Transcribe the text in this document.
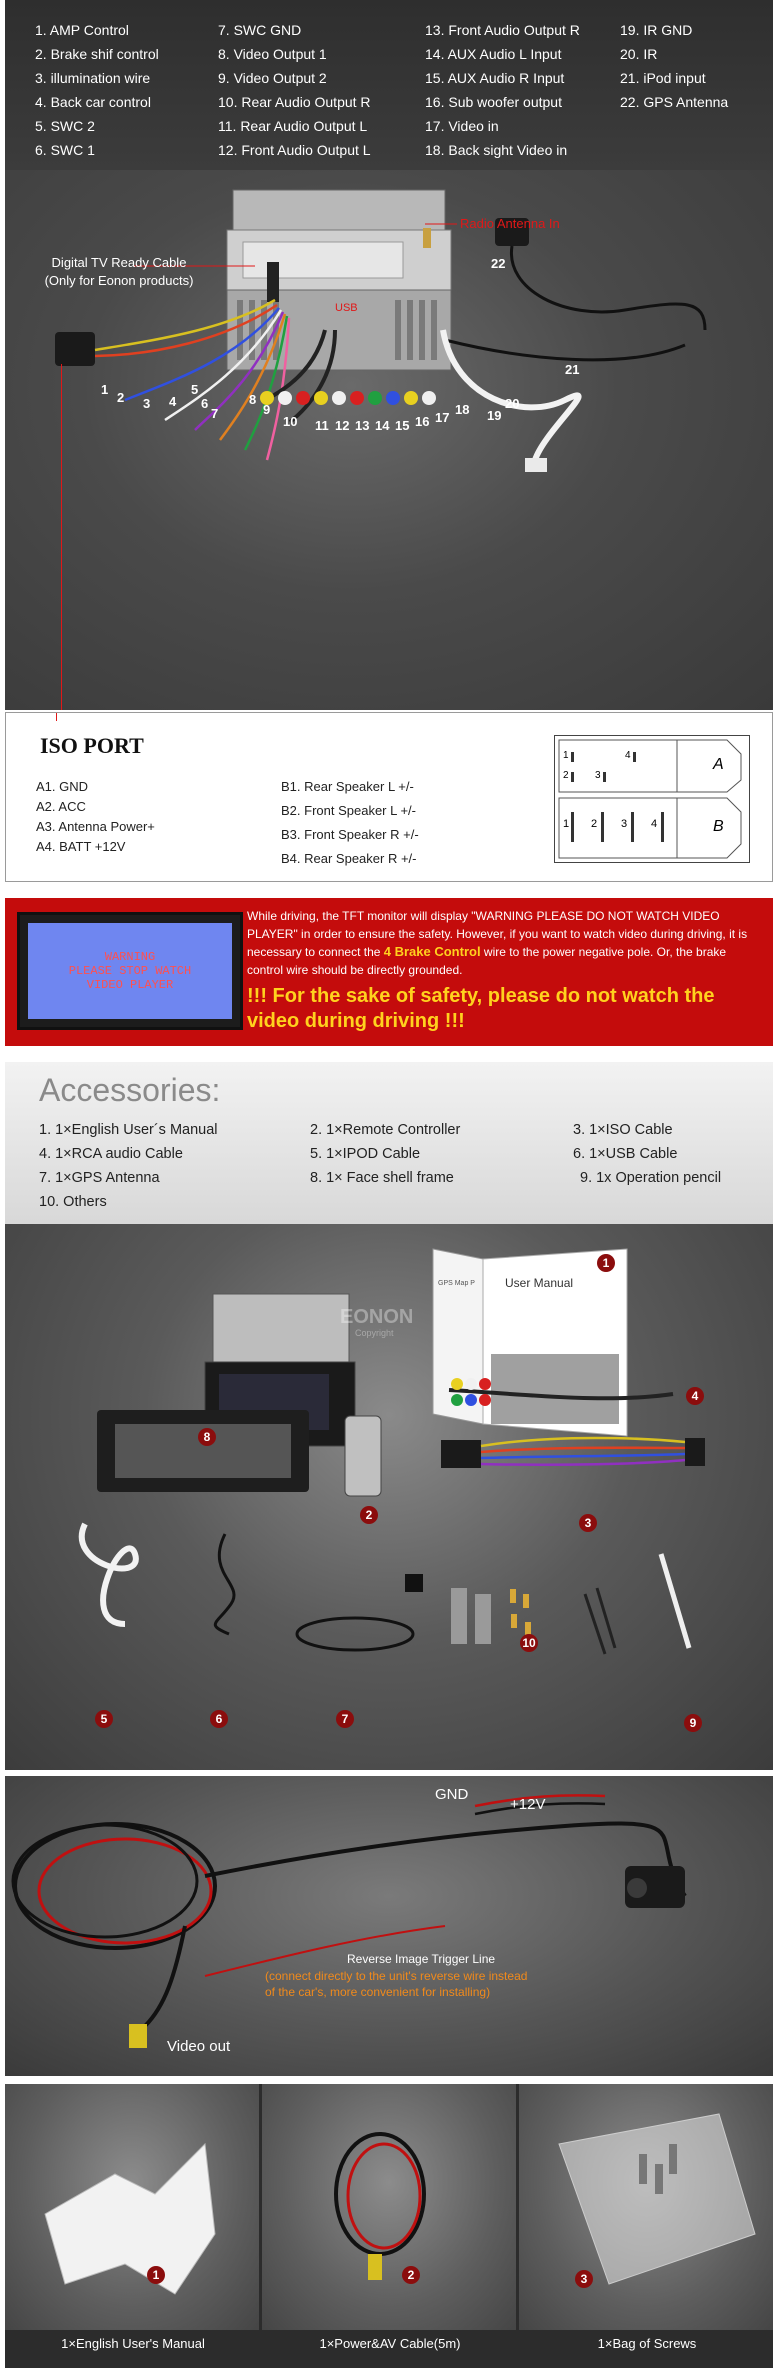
1. AMP Control
2. Brake shif control
3. illumination wire
4. Back car control
5. SWC 2
6. SWC 1
7. SWC GND
8. Video Output 1
9. Video Output 2
10. Rear Audio Output R
11. Rear Audio Output L
12. Front Audio Output L
13. Front Audio Output R
14. AUX Audio L Input
15. AUX Audio R Input
16. Sub woofer output
17. Video in
18. Back sight Video in
19. IR GND
20. IR
21. iPod input
22. GPS Antenna
Digital TV Ready Cable
(Only for Eonon products)
Radio Antenna In
USB
1
2 3 4
5
6
7
8
9
10 11 12 13 14 15 16 17
18 19
20
21
22
ISO PORT
A1. GND
A2. ACC
A3. Antenna Power+
A4. BATT +12V
B1. Rear Speaker L +/-
B2. Front Speaker L +/-
B3. Front Speaker R +/-
B4. Rear Speaker R +/-
1	4
2	3
1 2 3 4
A
B
WARNING
PLEASE STOP WATCH
VIDEO PLAYER
While driving, the TFT monitor will display "WARNING PLEASE DO NOT WATCH VIDEO PLAYER" in order to ensure the safety. However, if you want to watch video during driving, it is necessary to connect the 4 Brake Control wire to the power negative pole. Or, the brake control wire should be directly grounded.
!!! For the sake of safety, please do not watch the video during driving !!!
Accessories:
1. 1×English User´s Manual	2. 1×Remote Controller	3. 1×ISO Cable
4. 1×RCA audio Cable	5. 1×IPOD Cable	6. 1×USB Cable
7. 1×GPS Antenna	8. 1× Face shell frame	9. 1x Operation pencil
10. Others
User Manual
GPS Map P
EONON
Copyright
1
2
3
4
5	6	7
8
9
10
GND
+12V
Reverse Image Trigger Line
(connect directly to the unit's reverse wire instead
of the car's, more convenient for installing)
Video out
1	2	3
1×English User's Manual	1×Power&AV Cable(5m)	1×Bag of Screws
